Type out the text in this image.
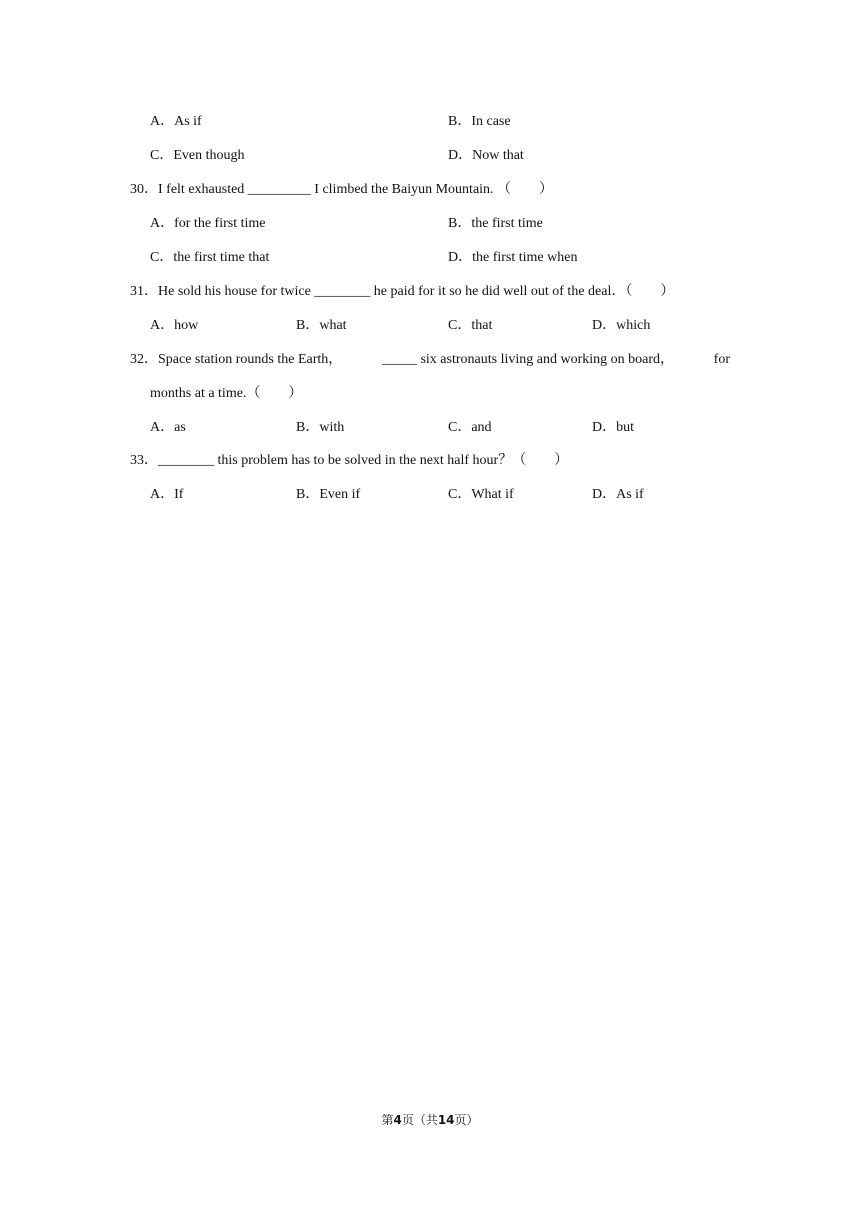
A．As if	B．In case
C．Even though	D．Now that
30．I felt exhausted _________ I climbed the Baiyun Mountain. （　　）
A．for the first time	B．the first time
C．the first time that	D．the first time when
31．He sold his house for twice ________ he paid for it so he did well out of the deal．（　　）
A．how	B．what	C．that	D．which
32．Space station rounds the Earth，	_____ six astronauts living and working on board，	for
months at a time.（　　）
A．as	B．with	C．and	D．but
33．________ this problem has to be solved in the next half hour？（　　）
A．If	B．Even if	C．What if	D．As if
第4页（共14页）
